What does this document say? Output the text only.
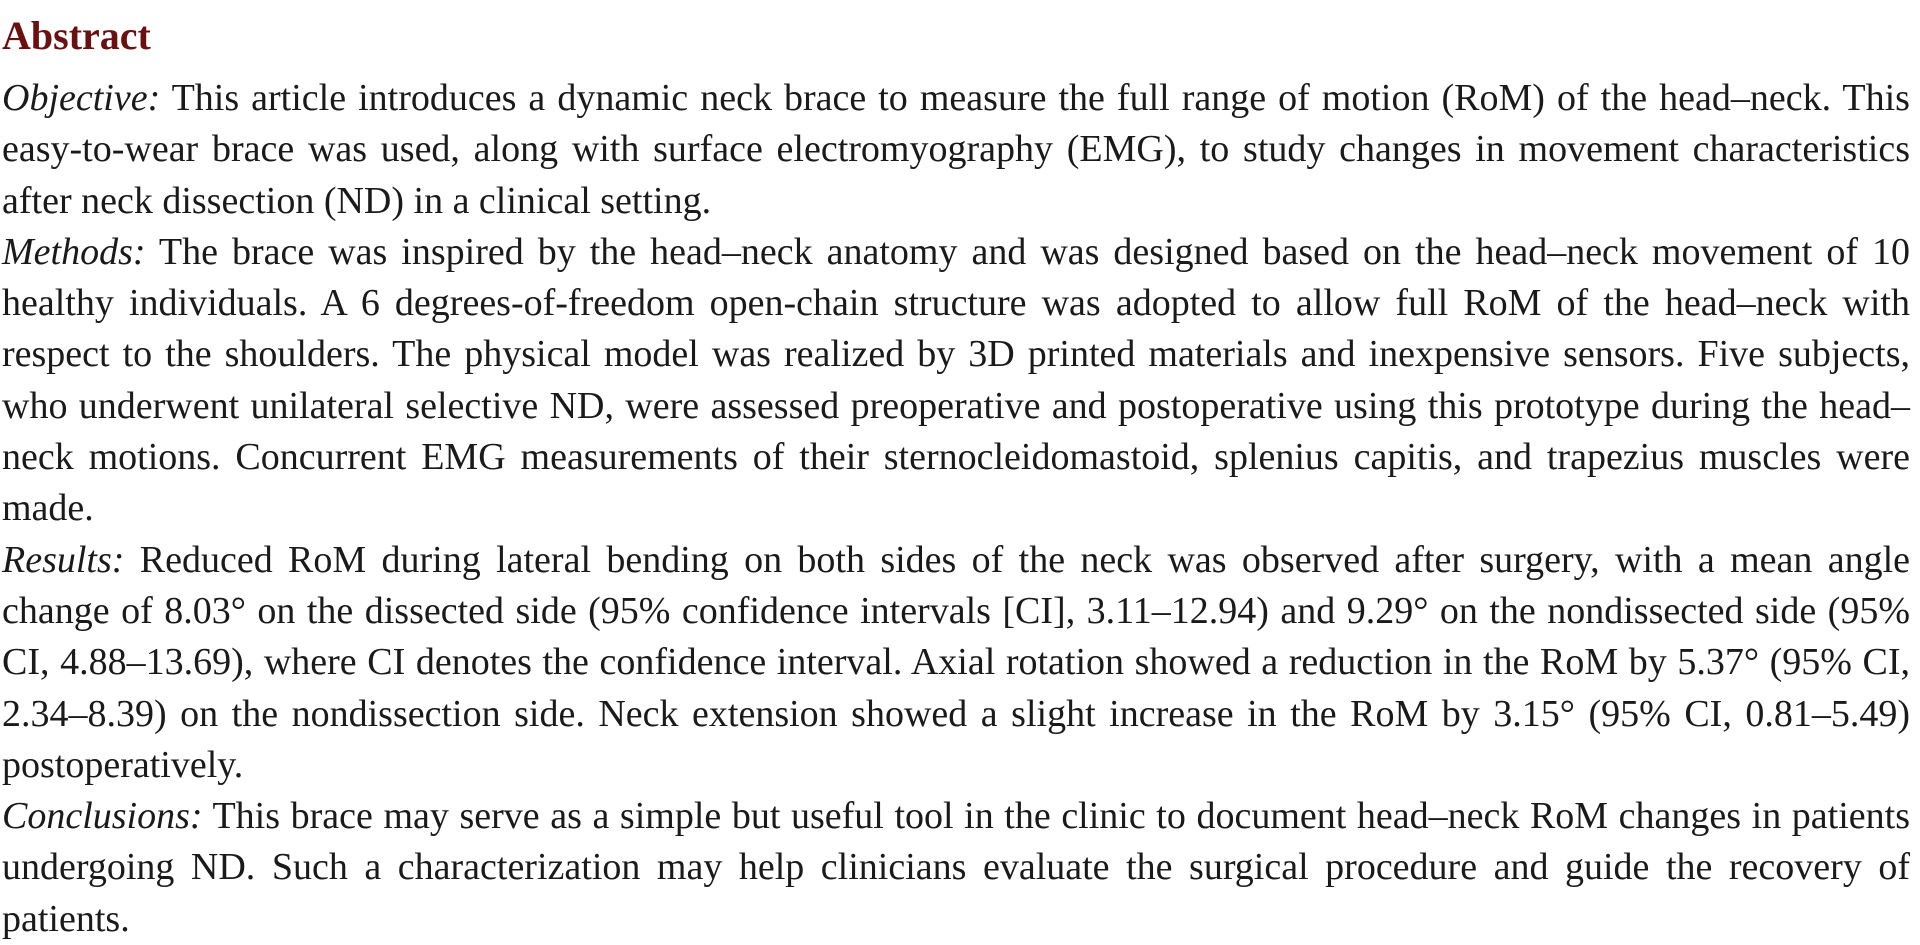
Abstract

Objective: This article introduces a dynamic neck brace to measure the full range of motion (RoM) of the head–neck. This easy-to-wear brace was used, along with surface electromyography (EMG), to study changes in movement characteristics after neck dissection (ND) in a clinical setting.

Methods: The brace was inspired by the head–neck anatomy and was designed based on the head–neck movement of 10 healthy individuals. A 6 degrees-of-freedom open-chain structure was adopted to allow full RoM of the head–neck with respect to the shoulders. The physical model was realized by 3D printed materials and inexpensive sensors. Five subjects, who underwent unilateral selective ND, were assessed preoperative and postoperative using this prototype during the head–neck motions. Concurrent EMG measurements of their sternocleidomastoid, splenius capitis, and trapezius muscles were made.

Results: Reduced RoM during lateral bending on both sides of the neck was observed after surgery, with a mean angle change of 8.03° on the dissected side (95% confidence intervals [CI], 3.11–12.94) and 9.29° on the nondissected side (95% CI, 4.88–13.69), where CI denotes the confidence interval. Axial rotation showed a reduction in the RoM by 5.37° (95% CI, 2.34–8.39) on the nondissection side. Neck extension showed a slight increase in the RoM by 3.15° (95% CI, 0.81–5.49) postoperatively.

Conclusions: This brace may serve as a simple but useful tool in the clinic to document head–neck RoM changes in patients undergoing ND. Such a characterization may help clinicians evaluate the surgical procedure and guide the recovery of patients.
